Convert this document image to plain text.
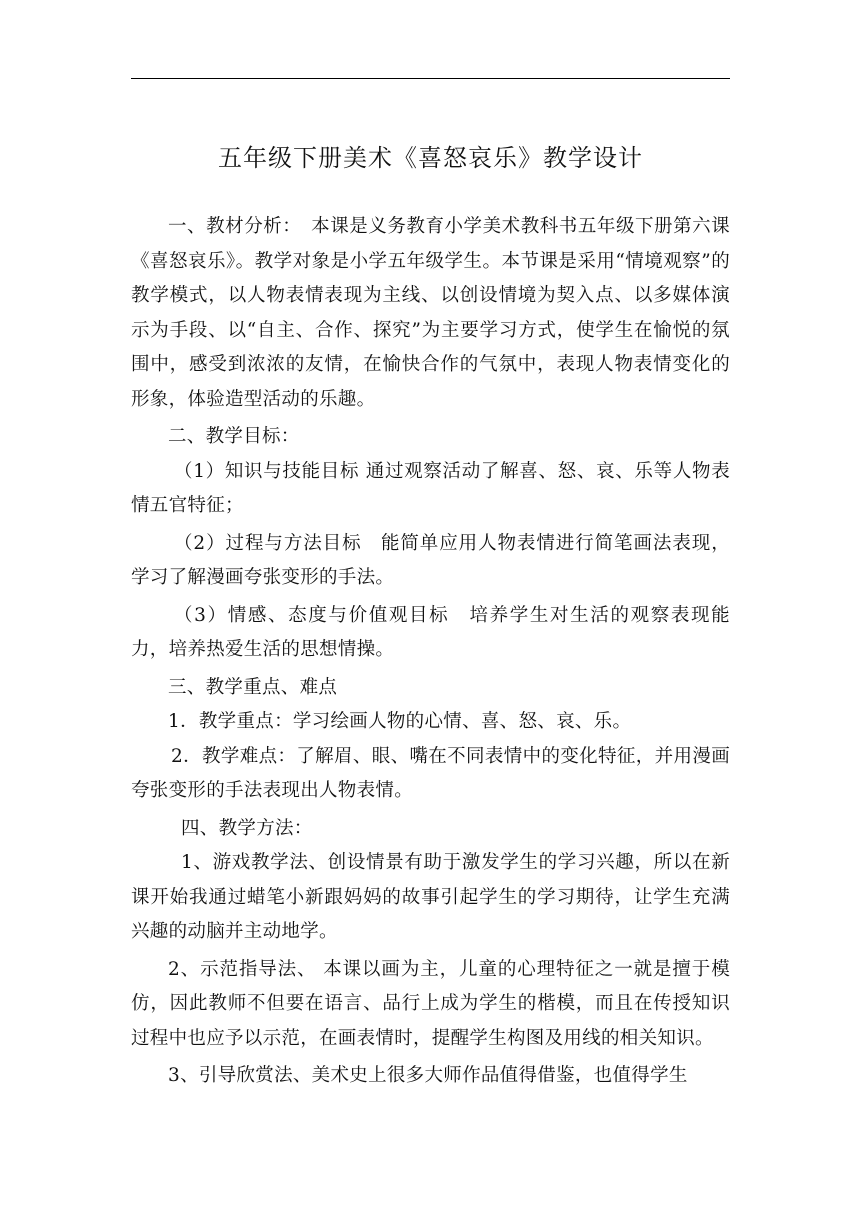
五年级下册美术《喜怒哀乐》教学设计

一、教材分析：　本课是义务教育小学美术教科书五年级下册第六课《喜怒哀乐》。教学对象是小学五年级学生。本节课是采用“情境观察”的教学模式，以人物表情表现为主线、以创设情境为契入点、以多媒体演示为手段、以“自主、合作、探究”为主要学习方式，使学生在愉悦的氛围中，感受到浓浓的友情，在愉快合作的气氛中，表现人物表情变化的形象，体验造型活动的乐趣。

二、教学目标：

（1）知识与技能目标 通过观察活动了解喜、怒、哀、乐等人物表情五官特征；

（2）过程与方法目标　能简单应用人物表情进行简笔画法表现，学习了解漫画夸张变形的手法。

（3）情感、态度与价值观目标　培养学生对生活的观察表现能力，培养热爱生活的思想情操。

三、教学重点、难点

1．教学重点：学习绘画人物的心情、喜、怒、哀、乐。

2．教学难点：了解眉、眼、嘴在不同表情中的变化特征，并用漫画夸张变形的手法表现出人物表情。

四、教学方法：

1、游戏教学法、创设情景有助于激发学生的学习兴趣，所以在新课开始我通过蜡笔小新跟妈妈的故事引起学生的学习期待，让学生充满兴趣的动脑并主动地学。

2、示范指导法、 本课以画为主，儿童的心理特征之一就是擅于模仿，因此教师不但要在语言、品行上成为学生的楷模，而且在传授知识过程中也应予以示范，在画表情时，提醒学生构图及用线的相关知识。

3、引导欣赏法、美术史上很多大师作品值得借鉴，也值得学生
